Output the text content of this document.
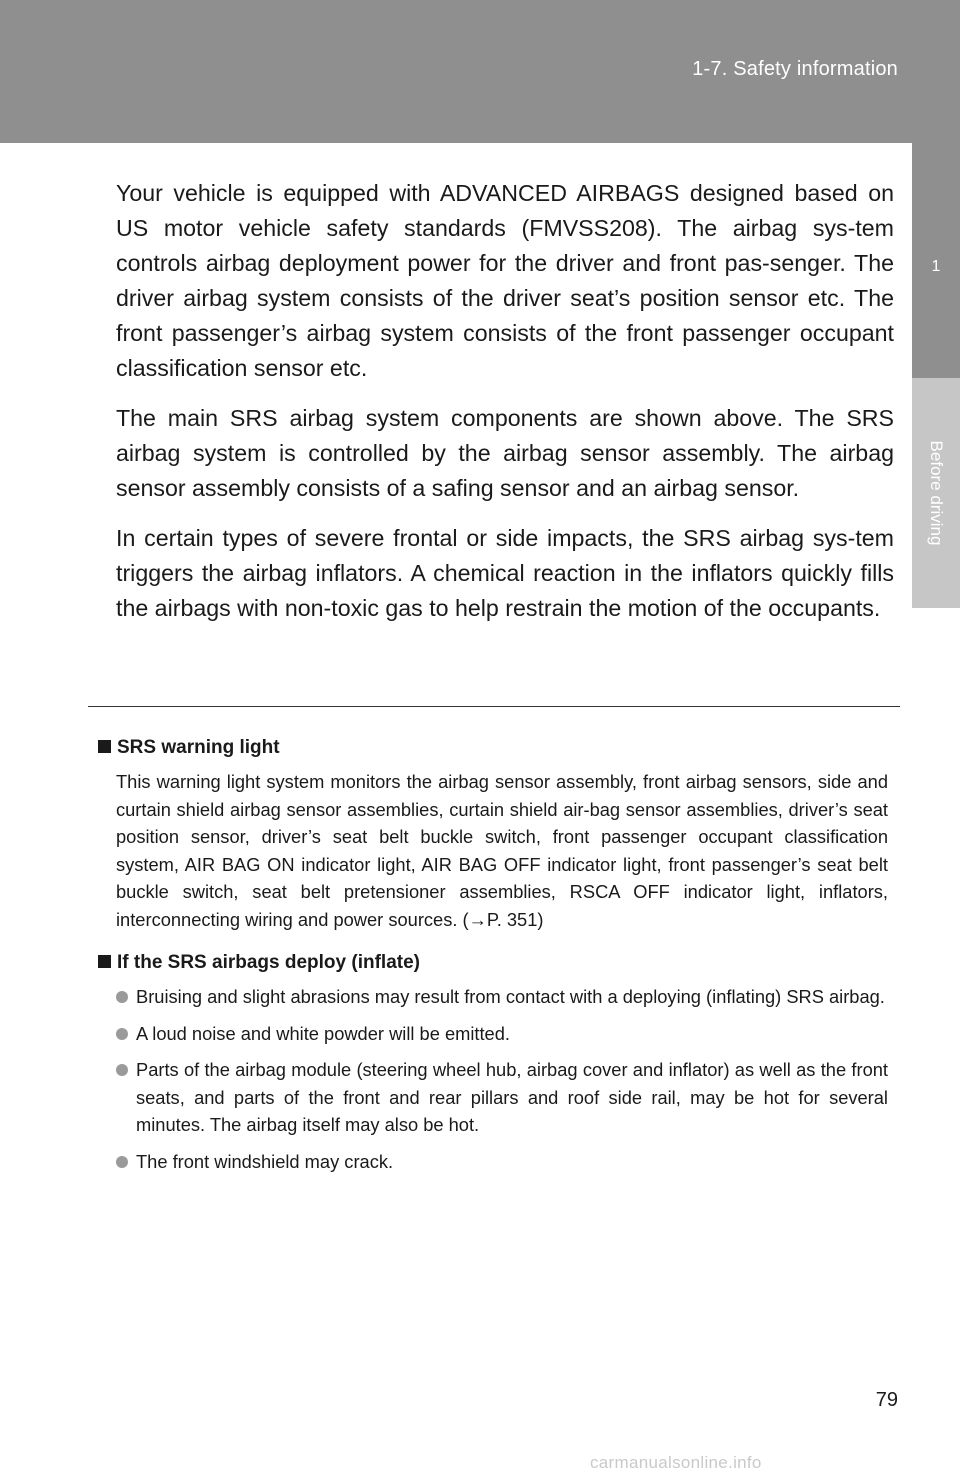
1-7. Safety information
1
Before driving

Your vehicle is equipped with ADVANCED AIRBAGS designed based on US motor vehicle safety standards (FMVSS208). The airbag sys-tem controls airbag deployment power for the driver and front pas-senger. The driver airbag system consists of the driver seat’s position sensor etc. The front passenger’s airbag system consists of the front passenger occupant classification sensor etc.

The main SRS airbag system components are shown above. The SRS airbag system is controlled by the airbag sensor assembly. The airbag sensor assembly consists of a safing sensor and an airbag sensor.

In certain types of severe frontal or side impacts, the SRS airbag sys-tem triggers the airbag inflators. A chemical reaction in the inflators quickly fills the airbags with non-toxic gas to help restrain the motion of the occupants.

SRS warning light
This warning light system monitors the airbag sensor assembly, front airbag sensors, side and curtain shield airbag sensor assemblies, curtain shield air-bag sensor assemblies, driver’s seat position sensor, driver’s seat belt buckle switch, front passenger occupant classification system, AIR BAG ON indicator light, AIR BAG OFF indicator light, front passenger’s seat belt buckle switch, seat belt pretensioner assemblies, RSCA OFF indicator light, inflators, interconnecting wiring and power sources. (→P. 351)
If the SRS airbags deploy (inflate)
Bruising and slight abrasions may result from contact with a deploying (inflating) SRS airbag.
A loud noise and white powder will be emitted.
Parts of the airbag module (steering wheel hub, airbag cover and inflator) as well as the front seats, and parts of the front and rear pillars and roof side rail, may be hot for several minutes. The airbag itself may also be hot.
The front windshield may crack.
79
carmanualsonline.info
